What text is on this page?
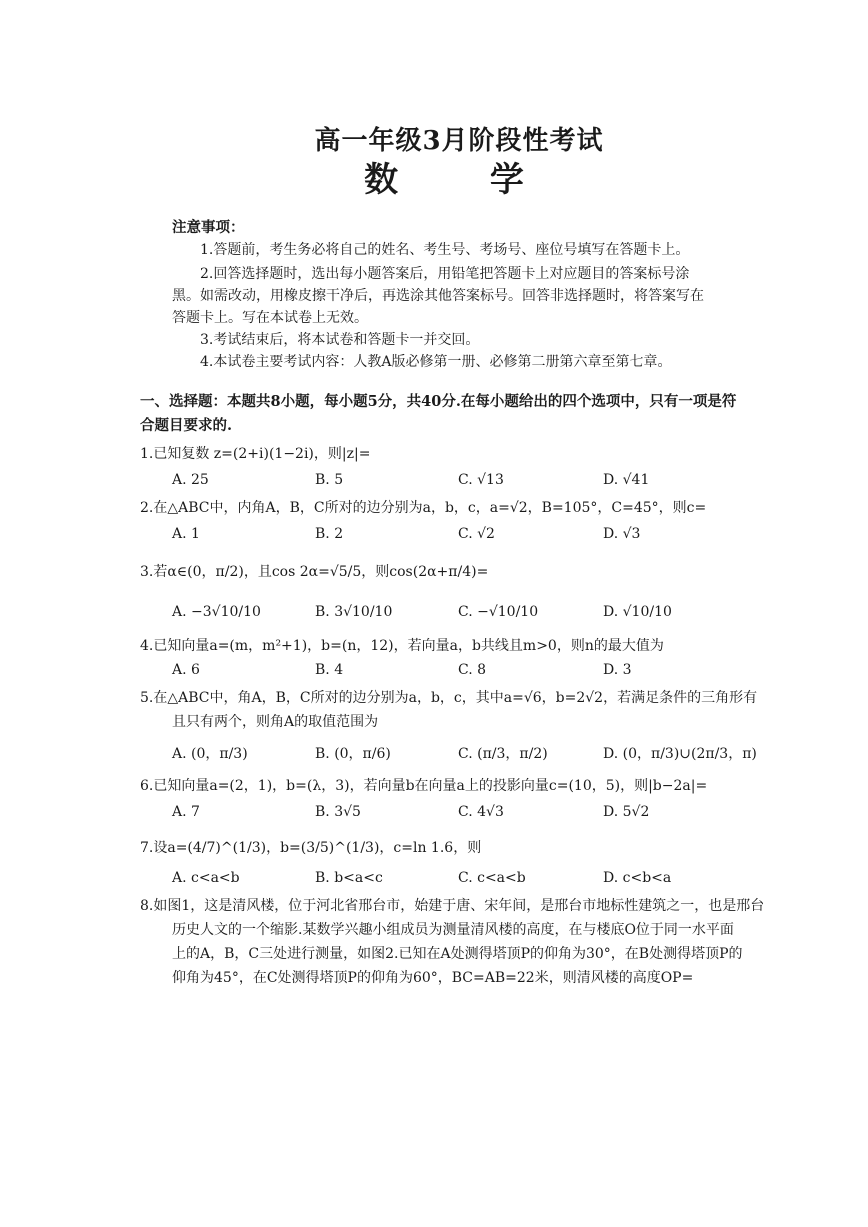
高一年级3月阶段性考试
数 学
注意事项：
1.答题前，考生务必将自己的姓名、考生号、考场号、座位号填写在答题卡上。
2.回答选择题时，选出每小题答案后，用铅笔把答题卡上对应题目的答案标号涂
黑。如需改动，用橡皮擦干净后，再选涂其他答案标号。回答非选择题时，将答案写在
答题卡上。写在本试卷上无效。
3.考试结束后，将本试卷和答题卡一并交回。
4.本试卷主要考试内容：人教A版必修第一册、必修第二册第六章至第七章。
一、选择题：本题共8小题，每小题5分，共40分.在每小题给出的四个选项中，只有一项是符合题目要求的.
1.已知复数 z=(2+i)(1−2i)，则|z|=
A. 25	B. 5	C. √13	D. √41
2.在△ABC中，内角A，B，C所对的边分别为a，b，c，a=√2，B=105°，C=45°，则c=
A. 1	B. 2	C. √2	D. √3
3.若α∈(0，π/2)，且cos 2α=√5/5，则cos(2α+π/4)=
A. −3√10/10	B. 3√10/10	C. −√10/10	D. √10/10
4.已知向量a=(m，m²+1)，b=(n，12)，若向量a，b共线且m>0，则n的最大值为
A. 6	B. 4	C. 8	D. 3
5.在△ABC中，角A，B，C所对的边分别为a，b，c，其中a=√6，b=2√2，若满足条件的三角形有
且只有两个，则角A的取值范围为
A. (0，π/3)	B. (0，π/6)	C. (π/3，π/2)	D. (0，π/3)∪(2π/3，π)
6.已知向量a=(2，1)，b=(λ，3)，若向量b在向量a上的投影向量c=(10，5)，则|b−2a|=
A. 7	B. 3√5	C. 4√3	D. 5√2
7.设a=(4/7)^(1/3)，b=(3/5)^(1/3)，c=ln 1.6，则
A. c<a<b	B. b<a<c	C. c<a<b	D. c<b<a
8.如图1，这是清风楼，位于河北省邢台市，始建于唐、宋年间，是邢台市地标性建筑之一，也是邢台
历史人文的一个缩影.某数学兴趣小组成员为测量清风楼的高度，在与楼底O位于同一水平面
上的A，B，C三处进行测量，如图2.已知在A处测得塔顶P的仰角为30°，在B处测得塔顶P的
仰角为45°，在C处测得塔顶P的仰角为60°，BC=AB=22米，则清风楼的高度OP=
